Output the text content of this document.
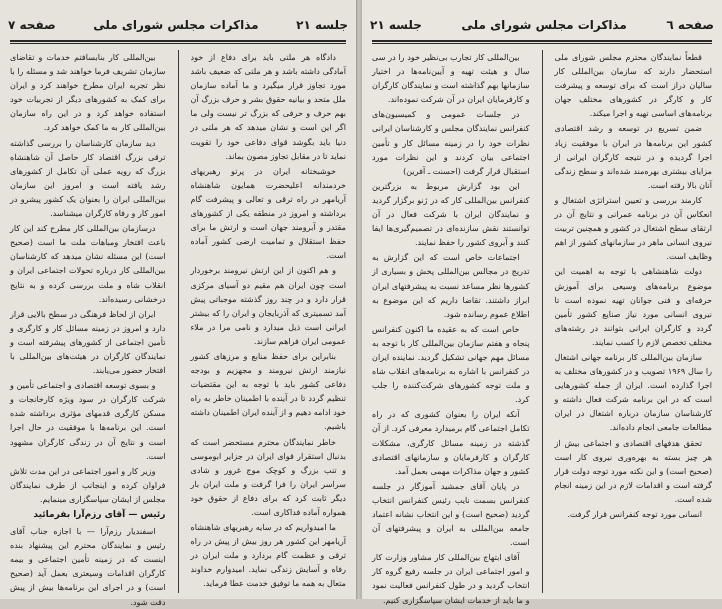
جلسه ۲۱
مذاکرات مجلس شورای ملی
صفحه ٧

دادگاه هر ملتی باید برای دفاع از خود آمادگی داشته باشد و هر ملتی که ضعیف باشد مورد تجاوز قرار میگیرد و ما آماده سازمان ملل متحد و بیانیه حقوق بشر و حرف بزرگ آن بهم حرف و حرفی که بزرگ تر نیست ولی ما اگر این است و نشان میدهد که هر ملتی در دنیا باید بگوشد قوای دفاعی خود را تقویت نماید تا در مقابل تجاوز مصون بماند.

خوشبختانه ایران در پرتو رهبریهای خردمندانه اعلیحضرت همایون شاهنشاه آریامهر در راه ترقی و تعالی و پیشرفت گام برداشته و امروز در منطقه یکی از کشورهای مقتدر و آبرومند جهان است و ارتش ما برای حفظ استقلال و تمامیت ارضی کشور آماده است.

و هم اکنون از این ارتش نیرومند برخوردار است چون ایران هم مقیم دو آسیای مرکزی قرار دارد و در چند روز گذشته موجباتی پیش آمد تسمیتری که آذربایجان و ایران را که بیشتر ایرانی است ذیل میدارد و نامی مرا در ملاء عمومی ایران فراهم سازند.

بنابراین برای حفظ منابع و مرزهای کشور نیازمند ارتش نیرومند و مجهزیم و بودجه دفاعی کشور باید با توجه به این مقتضیات تنظیم گردد تا در آینده با اطمینان خاطر به راه خود ادامه دهیم و از آینده ایران اطمینان داشته باشیم.

خاطر نمایندگان محترم مستحضر است که بدنبال استقرار قوای ایران در جزایر ابوموسی و تنب بزرگ و کوچک موج غرور و شادی سراسر ایران را فرا گرفت و ملت ایران بار دیگر ثابت کرد که برای دفاع از حقوق خود همواره آماده فداکاری است.

ما امیدواریم که در سایه رهبریهای شاهنشاه آریامهر این کشور هر روز بیش از پیش در راه ترقی و عظمت گام بردارد و ملت ایران در رفاه و آسایش زندگی نماید. امیدوارم خداوند متعال به همه ما توفیق خدمت عطا فرماید.

بین‌المللی کار بنابسافتم خدمات و تقاضای سازمان تشریف فرما خواهند شد و مسئله را با نظر تجربه ایران مطرح خواهند کرد و ایران برای کمک به کشورهای دیگر از تجربیات خود استفاده خواهد کرد و در این راه سازمان بین‌المللی کار به ما کمک خواهد کرد.

دید سازمان کارشناسان را بررسی گذاشته ترقی بزرگ اقتصاد کار حاصل آن شاهنشاه بزرگ که رویه عملی آن تکامل از کشورهای رشد یافته است و امروز این سازمان بین‌المللی ایران را بعنوان یک کشور پیشرو در امور کار و رفاه کارگران میشناسد.

درسازمان بین‌المللی کار مطرح کند این کار باعث افتخار ومباهات ملت ما است (صحیح است) این مسئله نشان میدهد که کارشناسان بین‌المللی کار درباره تحولات اجتماعی ایران و انقلاب شاه و ملت بررسی کرده و به نتایج درخشانی رسیده‌اند.

ایران از لحاظ فرهنگی در سطح بالایی قرار دارد و امروز در زمینه مسائل کار و کارگری و تأمین اجتماعی از کشورهای پیشرفته است و نمایندگان کارگران در هیئت‌های بین‌المللی با افتخار حضور می‌یابند.

و بسوی توسعه اقتصادی و اجتماعی تأمین و شرکت کارگران در سود ویژه کارخانجات و مسکن کارگری قدمهای مؤثری برداشته شده است. این برنامه‌ها با موفقیت در حال اجرا است و نتایج آن در زندگی کارگران مشهود است.

وزیر کار و امور اجتماعی در این مدت تلاش فراوان کرده و اینجانب از طرف نمایندگان مجلس از ایشان سپاسگزاری مینمایم.

رئیس — آقای رزم‌آرا بفرمائید

اسفندیار رزم‌آرا — با اجازه جناب آقای رئیس و نمایندگان محترم این پیشنهاد بنده اینست که در زمینه تأمین اجتماعی و بیمه کارگران اقدامات وسیعتری بعمل آید (صحیح است) و در اجرای این برنامه‌ها بیش از پیش دقت شود.

صفحه ٦
مذاکرات مجلس شورای ملی
جلسه ۲۱

قطعاً نمایندگان محترم مجلس شورای ملی استحضار دارند که سازمان بین‌المللی کار سالیان دراز است که برای توسعه و پیشرفت کار و کارگر در کشورهای مختلف جهان برنامه‌های اساسی تهیه و اجرا میکند.

ضمن تسریع در توسعه و رشد اقتصادی کشور این برنامه‌ها در ایران با موفقیت زیاد اجرا گردیده و در نتیجه کارگران ایرانی از مزایای بیشتری بهره‌مند شده‌اند و سطح زندگی آنان بالا رفته است.

کارمند بررسی و تعیین استراتژی اشتغال و انعکاس آن در برنامه عمرانی و نتایج آن در ارتقای سطح اشتغال در کشور و همچنین تربیت نیروی انسانی ماهر در سازمانهای کشور از اهم وظایف است.

دولت شاهنشاهی با توجه به اهمیت این موضوع برنامه‌های وسیعی برای آموزش حرفه‌ای و فنی جوانان تهیه نموده است تا نیروی انسانی مورد نیاز صنایع کشور تأمین گردد و کارگران ایرانی بتوانند در رشته‌های مختلف تخصص لازم را کسب نمایند.

سازمان بین‌المللی کار برنامه جهانی اشتغال را سال ۱۹۶۹ تصویب و در کشورهای مختلف به اجرا گذارده است. ایران از جمله کشورهایی است که در این برنامه شرکت فعال داشته و کارشناسان سازمان درباره اشتغال در ایران مطالعات جامعی انجام داده‌اند.

تحقق هدفهای اقتصادی و اجتماعی بیش از هر چیز بسته به بهره‌وری نیروی کار است (صحیح است) و این نکته مورد توجه دولت قرار گرفته است و اقدامات لازم در این زمینه انجام شده است.

انسانی مورد توجه کنفرانس قرار گرفت.

بین‌المللی کار تجارب بی‌نظیر خود را در سی سال و هیئت تهیه و آیین‌نامه‌ها در اختیار سازمانها بهم گذاشته است و نمایندگان کارگران و کارفرمایان ایران در آن شرکت نموده‌اند.

در جلسات عمومی و کمیسیون‌های کنفرانس نمایندگان مجلس و کارشناسان ایرانی نظرات خود را در زمینه مسائل کار و تأمین اجتماعی بیان کردند و این نظرات مورد استقبال قرار گرفت (احسنت ـ آفرین)

این بود گزارش مربوط به بزرگترین کنفرانس بین‌المللی کار که در ژنو برگزار گردید و نمایندگان ایران با شرکت فعال در آن توانستند نقش سازنده‌ای در تصمیم‌گیری‌ها ایفا کنند و آبروی کشور را حفظ نمایند.

اجتماعات خاص است که این گزارش به تدریج در مجالس بین‌المللی پخش و بسیاری از کشورها نظر مساعد نسبت به پیشرفتهای ایران ابراز داشتند. تقاضا داریم که این موضوع به اطلاع عموم رسانده شود.

خاص است که به عقیده ما اکنون کنفرانس پنجاه و هفتم سازمان بین‌المللی کار با توجه به مسائل مهم جهانی تشکیل گردید. نماینده ایران در کنفرانس با اشاره به برنامه‌های انقلاب شاه و ملت توجه کشورهای شرکت‌کننده را جلب کرد.

آنکه ایران را بعنوان کشوری که در راه تکامل اجتماعی گام برمیدارد معرفی کرد. از آن گذشته در زمینه مسائل کارگری، مشکلات کارگران و کارفرمایان و سازمانهای اقتصادی کشور و جهان مذاکرات مهمی بعمل آمد.

در پایان آقای جمشید آموزگار در جلسه کنفرانس بسمت نایب رئیس کنفرانس انتخاب گردید (صحیح است) و این انتخاب نشانه اعتماد جامعه بین‌المللی به ایران و پیشرفتهای آن است.

آقای ابتهاج بین‌المللی کار مشاور وزارت کار و امور اجتماعی ایران در جلسه رفیع گروه کار انتخاب گردید و در طول کنفرانس فعالیت نمود و ما باید از خدمات ایشان سپاسگزاری کنیم.
